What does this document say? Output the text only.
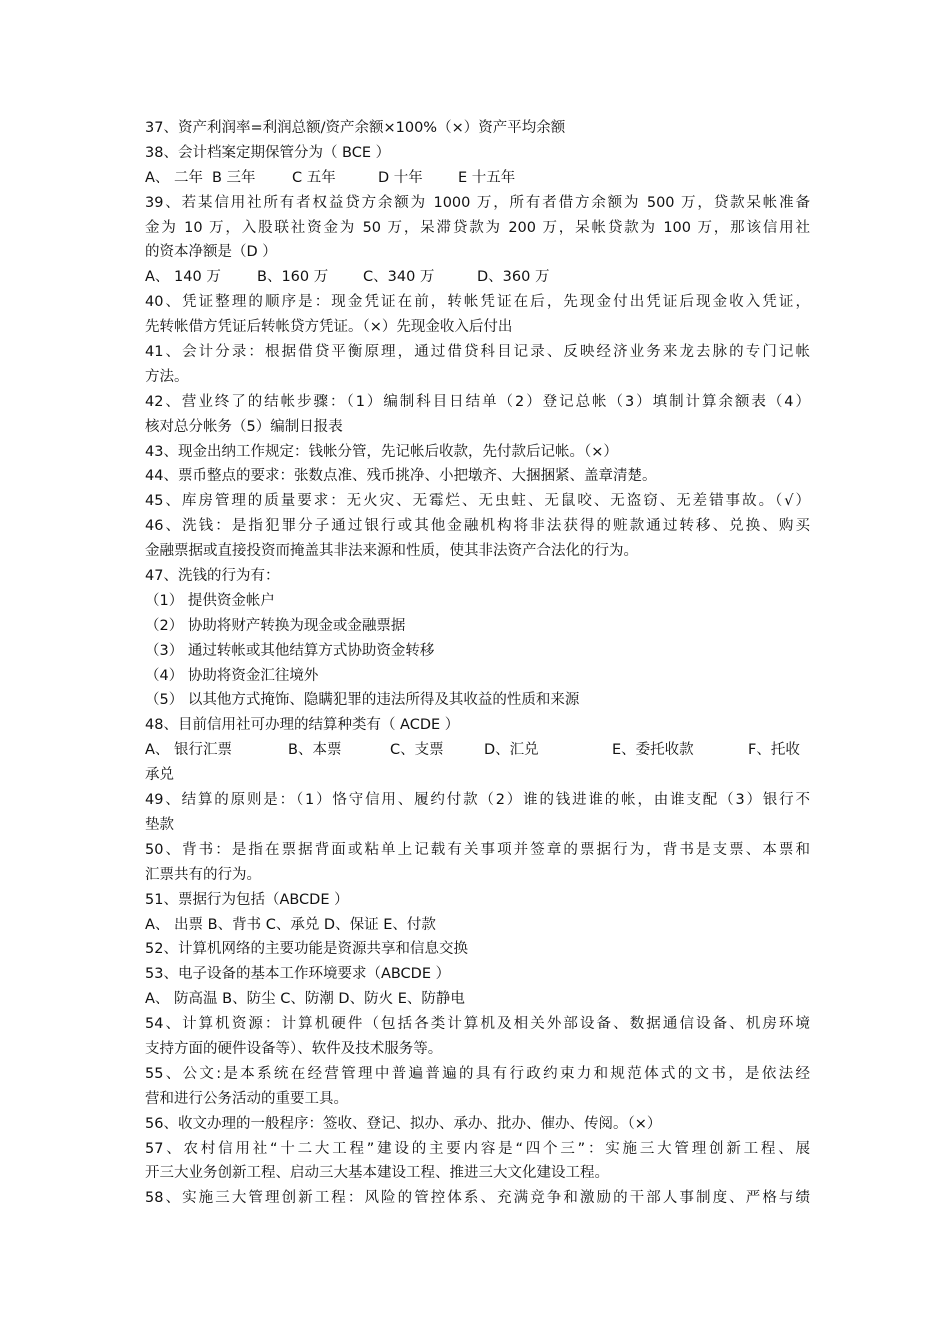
37、资产利润率=利润总额/资产余额×100%（×）资产平均余额
38、会计档案定期保管分为（ BCE ）
A、 二年 B 三年	C 五年	D 十年	E 十五年
39、若某信用社所有者权益贷方余额为 1000 万，所有者借方余额为 500 万，贷款呆帐准备
金为 10 万，入股联社资金为 50 万，呆滞贷款为 200 万，呆帐贷款为 100 万，那该信用社
的资本净额是（D ）
A、 140 万	B、160 万	C、340 万	D、360 万
40、凭证整理的顺序是：现金凭证在前，转帐凭证在后，先现金付出凭证后现金收入凭证，
先转帐借方凭证后转帐贷方凭证。（×）先现金收入后付出
41、会计分录：根据借贷平衡原理，通过借贷科目记录、反映经济业务来龙去脉的专门记帐
方法。
42、营业终了的结帐步骤：（1）编制科目日结单（2）登记总帐（3）填制计算余额表（4）
核对总分帐务（5）编制日报表
43、现金出纳工作规定：钱帐分管，先记帐后收款，先付款后记帐。（×）
44、票币整点的要求：张数点准、残币挑净、小把墩齐、大捆捆紧、盖章清楚。
45、库房管理的质量要求：无火灾、无霉烂、无虫蛀、无鼠咬、无盗窃、无差错事故。（√）
46、洗钱：是指犯罪分子通过银行或其他金融机构将非法获得的赃款通过转移、兑换、购买
金融票据或直接投资而掩盖其非法来源和性质，使其非法资产合法化的行为。
47、洗钱的行为有：
（1） 提供资金帐户
（2） 协助将财产转换为现金或金融票据
（3） 通过转帐或其他结算方式协助资金转移
（4） 协助将资金汇往境外
（5） 以其他方式掩饰、隐瞒犯罪的违法所得及其收益的性质和来源
48、目前信用社可办理的结算种类有（ ACDE ）
A、 银行汇票	B、本票	C、支票	D、汇兑	E、委托收款	F、托收
承兑
49、结算的原则是：（1）恪守信用、履约付款（2）谁的钱进谁的帐，由谁支配（3）银行不
垫款
50、背书：是指在票据背面或粘单上记载有关事项并签章的票据行为，背书是支票、本票和
汇票共有的行为。
51、票据行为包括（ABCDE ）
A、 出票 B、背书 C、承兑 D、保证 E、付款
52、计算机网络的主要功能是资源共享和信息交换
53、电子设备的基本工作环境要求（ABCDE ）
A、 防高温 B、防尘 C、防潮 D、防火 E、防静电
54、计算机资源：计算机硬件（包括各类计算机及相关外部设备、数据通信设备、机房环境
支持方面的硬件设备等）、软件及技术服务等。
55、公文:是本系统在经营管理中普遍普遍的具有行政约束力和规范体式的文书，是依法经
营和进行公务活动的重要工具。
56、收文办理的一般程序：签收、登记、拟办、承办、批办、催办、传阅。（×）
57、农村信用社“十二大工程”建设的主要内容是“四个三”：实施三大管理创新工程、展
开三大业务创新工程、启动三大基本建设工程、推进三大文化建设工程。
58、实施三大管理创新工程：风险的管控体系、充满竞争和激励的干部人事制度、严格与绩
